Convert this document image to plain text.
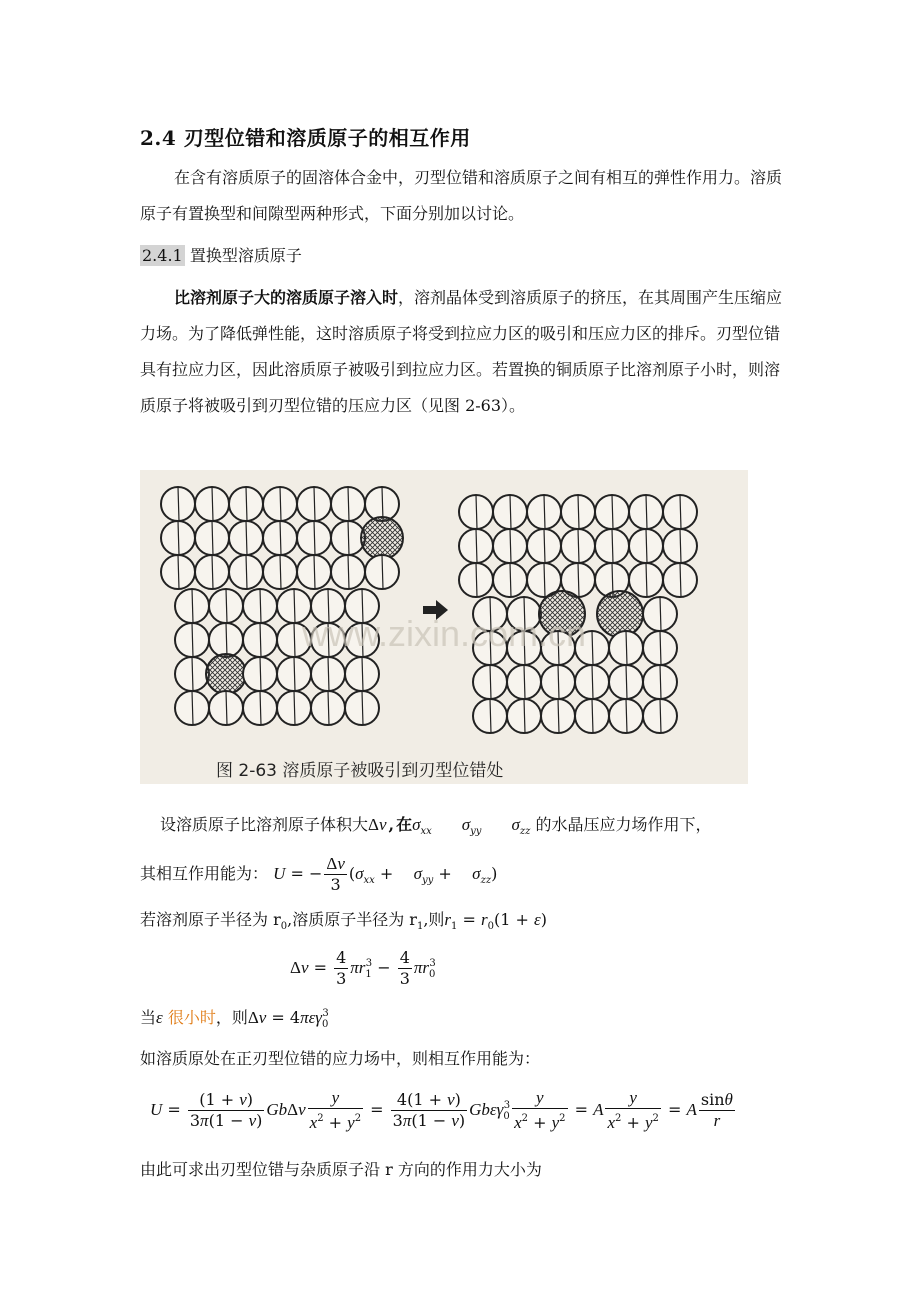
2.4 刃型位错和溶质原子的相互作用
在含有溶质原子的固溶体合金中，刃型位错和溶质原子之间有相互的弹性作用力。溶质原子有置换型和间隙型两种形式，下面分别加以讨论。
2.4.1 置换型溶质原子
比溶剂原子大的溶质原子溶入时，溶剂晶体受到溶质原子的挤压，在其周围产生压缩应力场。为了降低弹性能，这时溶质原子将受到拉应力区的吸引和压应力区的排斥。刃型位错具有拉应力区，因此溶质原子被吸引到拉应力区。若置换的铜质原子比溶剂原子小时，则溶质原子将被吸引到刃型位错的压应力区（见图 2-63）。
www.zixin.com.cn
图 2-63 溶质原子被吸引到刃型位错处
设溶质原子比溶剂原子体积大Δν , 在$\sigma_{xx}$ $\sigma_{yy}$ $\sigma_{zz}$ 的水晶压应力场作用下，
其相互作用能为： U = − $\frac{\Delta\nu}{3} (\sigma_{xx}$ +    $\sigma_{yy}$ +    $\sigma_{zz}$)
若溶剂原子半径为 $r_0$,溶质原子半径为 $r_1$,则$r_1 = r_0(1 + \varepsilon)$
$\Delta\nu = \frac{4}{3} \pi r_1^3 - \frac{4}{3} \pi r_0^3$
当ε 很小时，则Δν = 4πεγ$_0^3$
如溶质原处在正刃型位错的应力场中，则相互作用能为：
$U = \frac{(1 + \nu)}{3\pi(1 - \nu)}$ GbΔν $\frac{y}{x^2 + y^2} = \frac{4(1 + \nu)}{3\pi(1 - \nu)} Gb\varepsilon\gamma_0^3 \frac{y}{x^2 + y^2} = A \frac{y}{x^2 + y^2} = A \frac{\sin\theta}{r}$
由此可求出刃型位错与杂质原子沿 r 方向的作用力大小为
